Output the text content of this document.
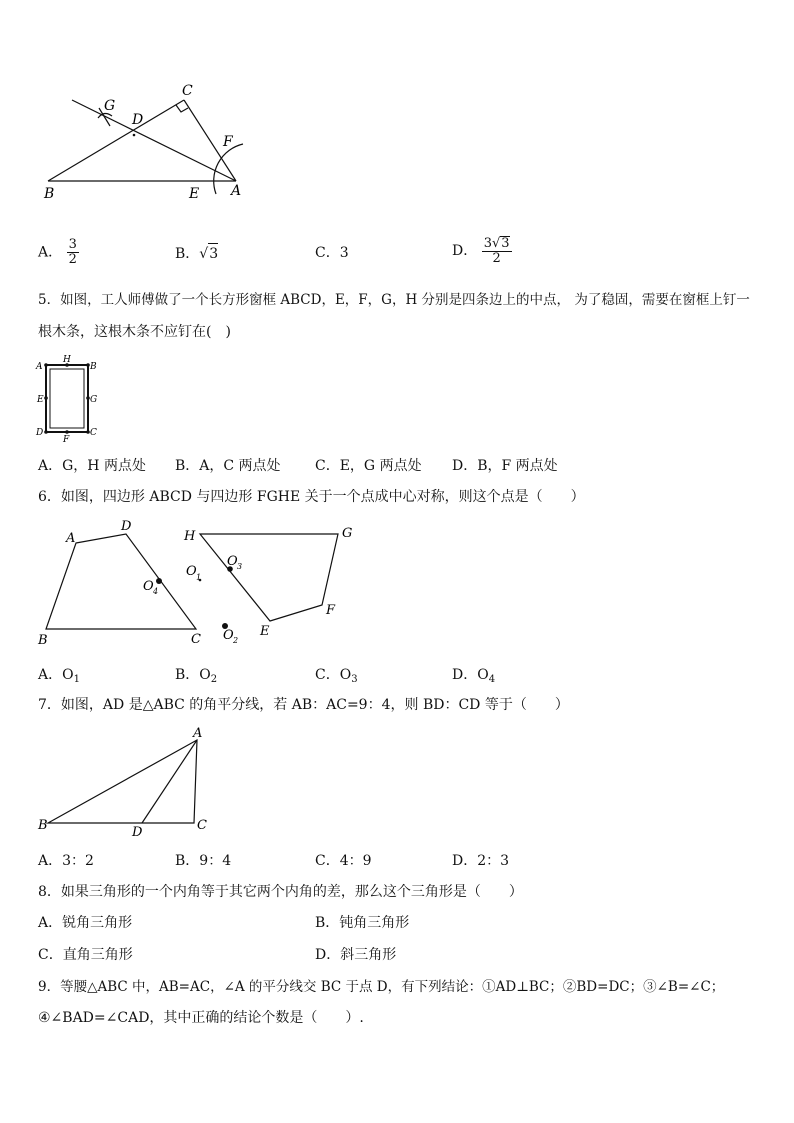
G
D
C
F
B	E A
A． $\frac{3}{2}$	B．√3	C．3	D． $\frac{3√3}{2}$
5．如图，工人师傅做了一个长方形窗框 ABCD，E，F，G，H 分别是四条边上的中点， 为了稳固，需要在窗框上钉一
根木条，这根木条不应钉在(　)
A
H
B
E	G
D
F
C
A．G，H 两点处 B．A，C 两点处 C．E，G 两点处 D．B，F 两点处
6．如图，四边形 ABCD 与四边形 FGHE 关于一个点成中心对称，则这个点是（　　）
A
D
B	C
H	G
E
F
O 1
O 2
O 3
O 4
A．$O_1$	B．$O_2$	C．$O_3$	D．$O_4$
7．如图，AD 是△ABC 的角平分线，若 AB：AC=9：4，则 BD：CD 等于（　　）
A
B	D	C
A．3：2	B．9：4	C．4：9	D．2：3
8．如果三角形的一个内角等于其它两个内角的差，那么这个三角形是（　　）
A．锐角三角形	B．钝角三角形
C．直角三角形	D．斜三角形
9．等腰△ABC 中，AB=AC，∠A 的平分线交 BC 于点 D，有下列结论：①AD⊥BC；②BD=DC；③∠B=∠C；
④∠BAD=∠CAD，其中正确的结论个数是（　　）.
